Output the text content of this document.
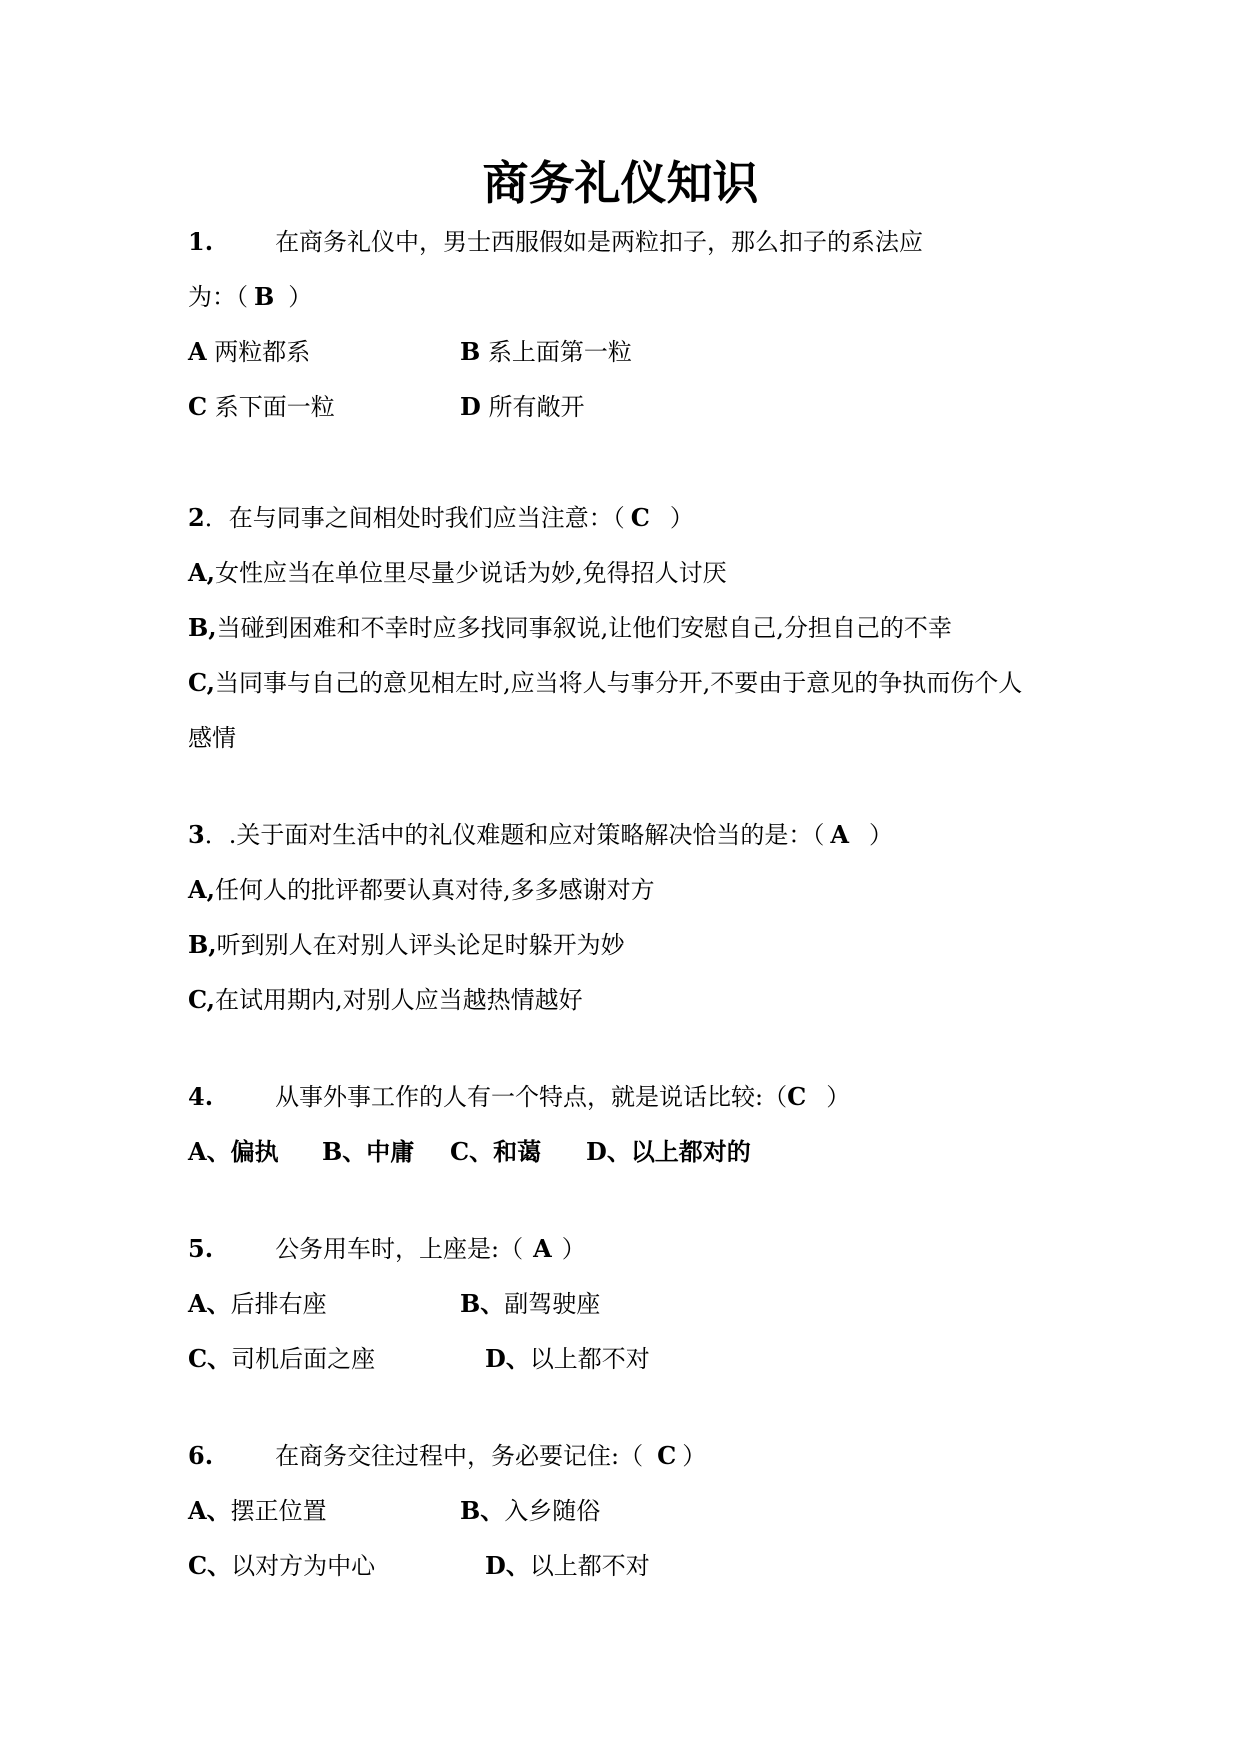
商务礼仪知识
1.	在商务礼仪中，男士西服假如是两粒扣子，那么扣子的系法应
为：（ B ）
A 两粒都系	B 系上面第一粒
C 系下面一粒	D 所有敞开
2．在与同事之间相处时我们应当注意：（ C ）
A,女性应当在单位里尽量少说话为妙,免得招人讨厌
B,当碰到困难和不幸时应多找同事叙说,让他们安慰自己,分担自己的不幸
C,当同事与自己的意见相左时,应当将人与事分开,不要由于意见的争执而伤个人
感情
3．.关于面对生活中的礼仪难题和应对策略解决恰当的是：（ A ）
A,任何人的批评都要认真对待,多多感谢对方
B,听到别人在对别人评头论足时躲开为妙
C,在试用期内,对别人应当越热情越好
4.	从事外事工作的人有一个特点，就是说话比较:（C ）
A、偏执 B、中庸 C、和蔼 D、以上都对的
5.	公务用车时，上座是:（ A ）
A、后排右座	B、副驾驶座
C、司机后面之座	D、以上都不对
6.	在商务交往过程中，务必要记住:（ C ）
A、摆正位置	B、入乡随俗
C、以对方为中心	D、以上都不对
